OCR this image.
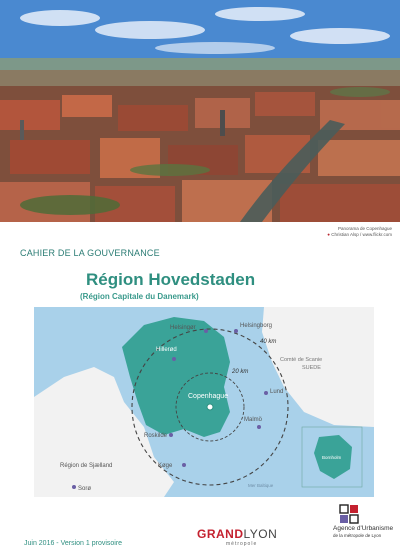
Panorama de Copenhague
● Christian Alsp / www.flickr.com
CAHIER DE LA GOUVERNANCE
Région Hovedstaden
(Région Capitale du Danemark)
Helsingør	Helsingborg
Hillerød
Copenhague
Roskilde
Køge
Malmö
Lund
Comté de Scanie
SUEDE
Région de Sjælland
Sorø
40 km
20 km
Mer Baltique
Bornholm
Juin 2016 - Version 1 provisoire
GRANDLYON
métropole
Agence d'Urbanisme
de la métropole de Lyon
